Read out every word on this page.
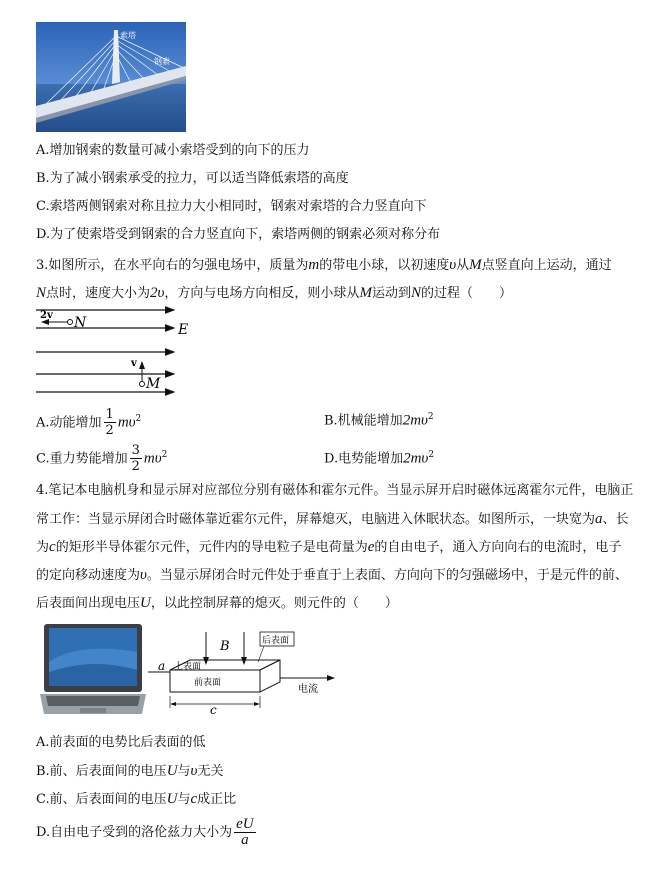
索塔
钢索
A.增加钢索的数量可减小索塔受到的向下的压力
B.为了减小钢索承受的拉力，可以适当降低索塔的高度
C.索塔两侧钢索对称且拉力大小相同时，钢索对索塔的合力竖直向下
D.为了使索塔受到钢索的合力竖直向下，索塔两侧的钢索必须对称分布
3.如图所示，在水平向右的匀强电场中，质量为m的带电小球，以初速度υ从M点竖直向上运动，通过
N点时，速度大小为2υ，方向与电场方向相反，则小球从M运动到N的过程（　　）
2v N	E
v
M
A.动能增加 $\frac{1}{2} m\upsilon^2$	B.机械能增加$2m\upsilon^2$
C.重力势能增加 $\frac{3}{2} m\upsilon^2$	D.电势能增加$2m\upsilon^2$
4.笔记本电脑机身和显示屏对应部位分别有磁体和霍尔元件。当显示屏开启时磁体远离霍尔元件，电脑正
常工作：当显示屏闭合时磁体靠近霍尔元件，屏幕熄灭，电脑进入休眠状态。如图所示，一块宽为a、长
为c的矩形半导体霍尔元件，元件内的导电粒子是电荷量为e的自由电子，通入方向向右的电流时，电子
的定向移动速度为υ。当显示屏闭合时元件处于垂直于上表面、方向向下的匀强磁场中，于是元件的前、
后表面间出现电压U，以此控制屏幕的熄灭。则元件的（　　）
B	后表面
上表面
前表面
电流
a
c
A.前表面的电势比后表面的低
B.前、后表面间的电压U与υ无关
C.前、后表面间的电压U与c成正比
D.自由电子受到的洛伦兹力大小为 $\frac{eU}{a}$
